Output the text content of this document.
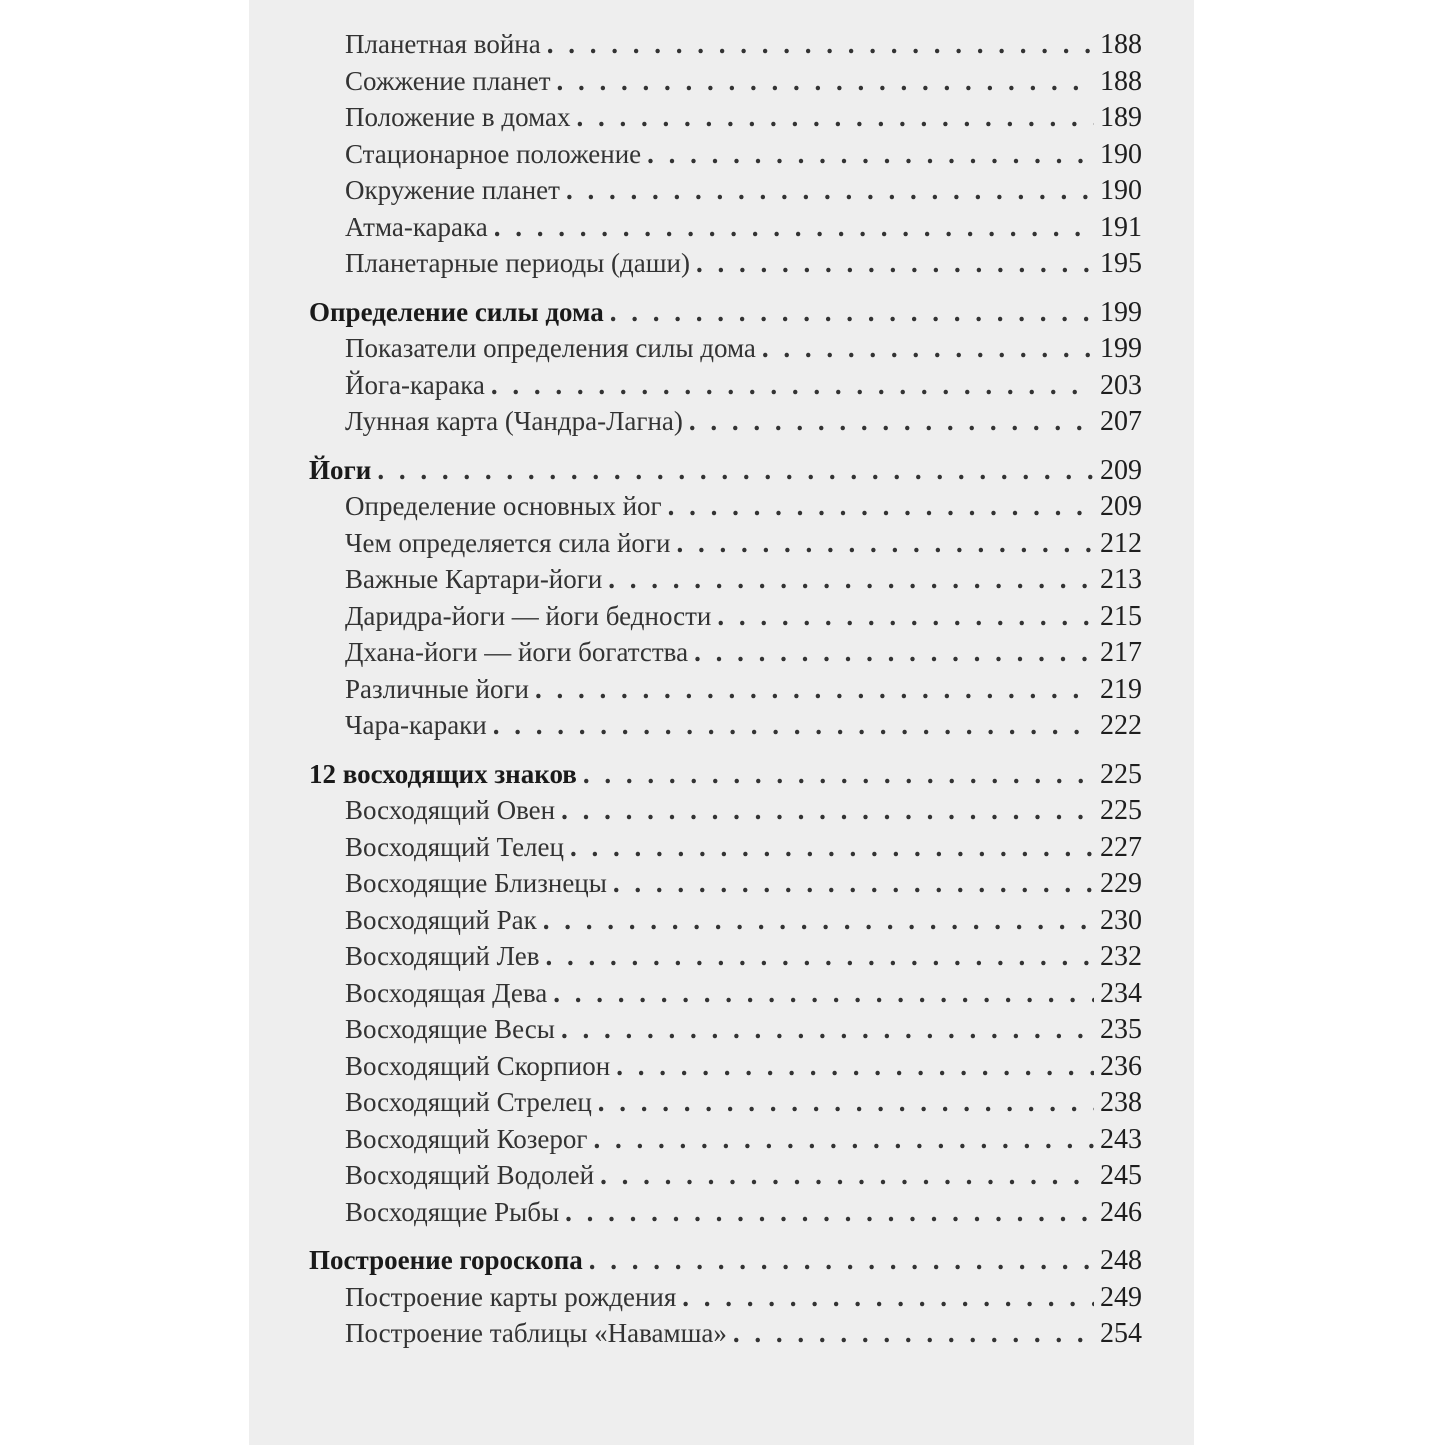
Планетная война . . .	188
Сожжение планет . . .	188
Положение в домах . . .	189
Стационарное положение . . .	190
Окружение планет . . .	190
Атма-карака . . .	191
Планетарные периоды (даши) . . .	195
Определение силы дома . . .	199
Показатели определения силы дома . . .	199
Йога-карака . . .	203
Лунная карта (Чандра-Лагна) . . .	207
Йоги . . .	209
Определение основных йог . . .	209
Чем определяется сила йоги . . .	212
Важные Картари-йоги . . .	213
Даридра-йоги — йоги бедности . . .	215
Дхана-йоги — йоги богатства . . .	217
Различные йоги . . .	219
Чара-караки . . .	222
12 восходящих знаков . . .	225
Восходящий Овен . . .	225
Восходящий Телец . . .	227
Восходящие Близнецы . . .	229
Восходящий Рак . . .	230
Восходящий Лев . . .	232
Восходящая Дева . . .	234
Восходящие Весы . . .	235
Восходящий Скорпион . . .	236
Восходящий Стрелец . . .	238
Восходящий Козерог . . .	243
Восходящий Водолей . . .	245
Восходящие Рыбы . . .	246
Построение гороскопа . . .	248
Построение карты рождения . . .	249
Построение таблицы «Навамша» . . .	254
